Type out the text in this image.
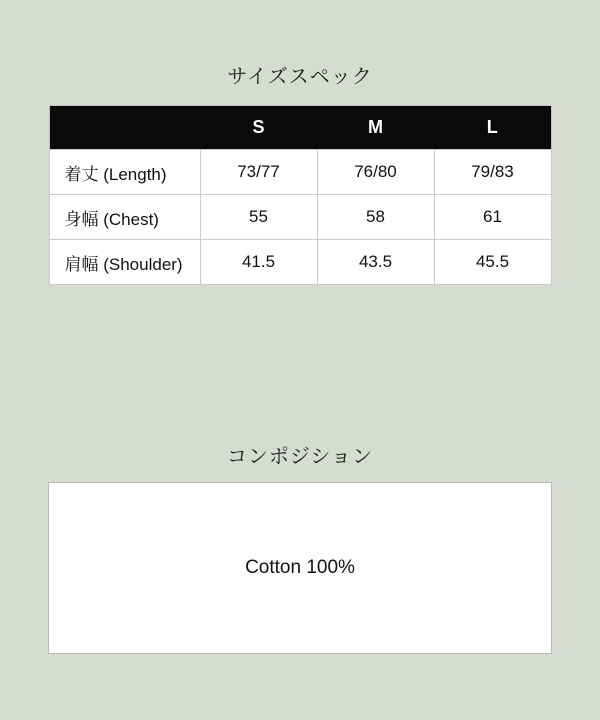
サイズスペック
	S	M	L
着丈 (Length)	73/77	76/80	79/83
身幅 (Chest)	55	58	61
肩幅 (Shoulder)	41.5	43.5	45.5
コンポジション
Cotton 100%
